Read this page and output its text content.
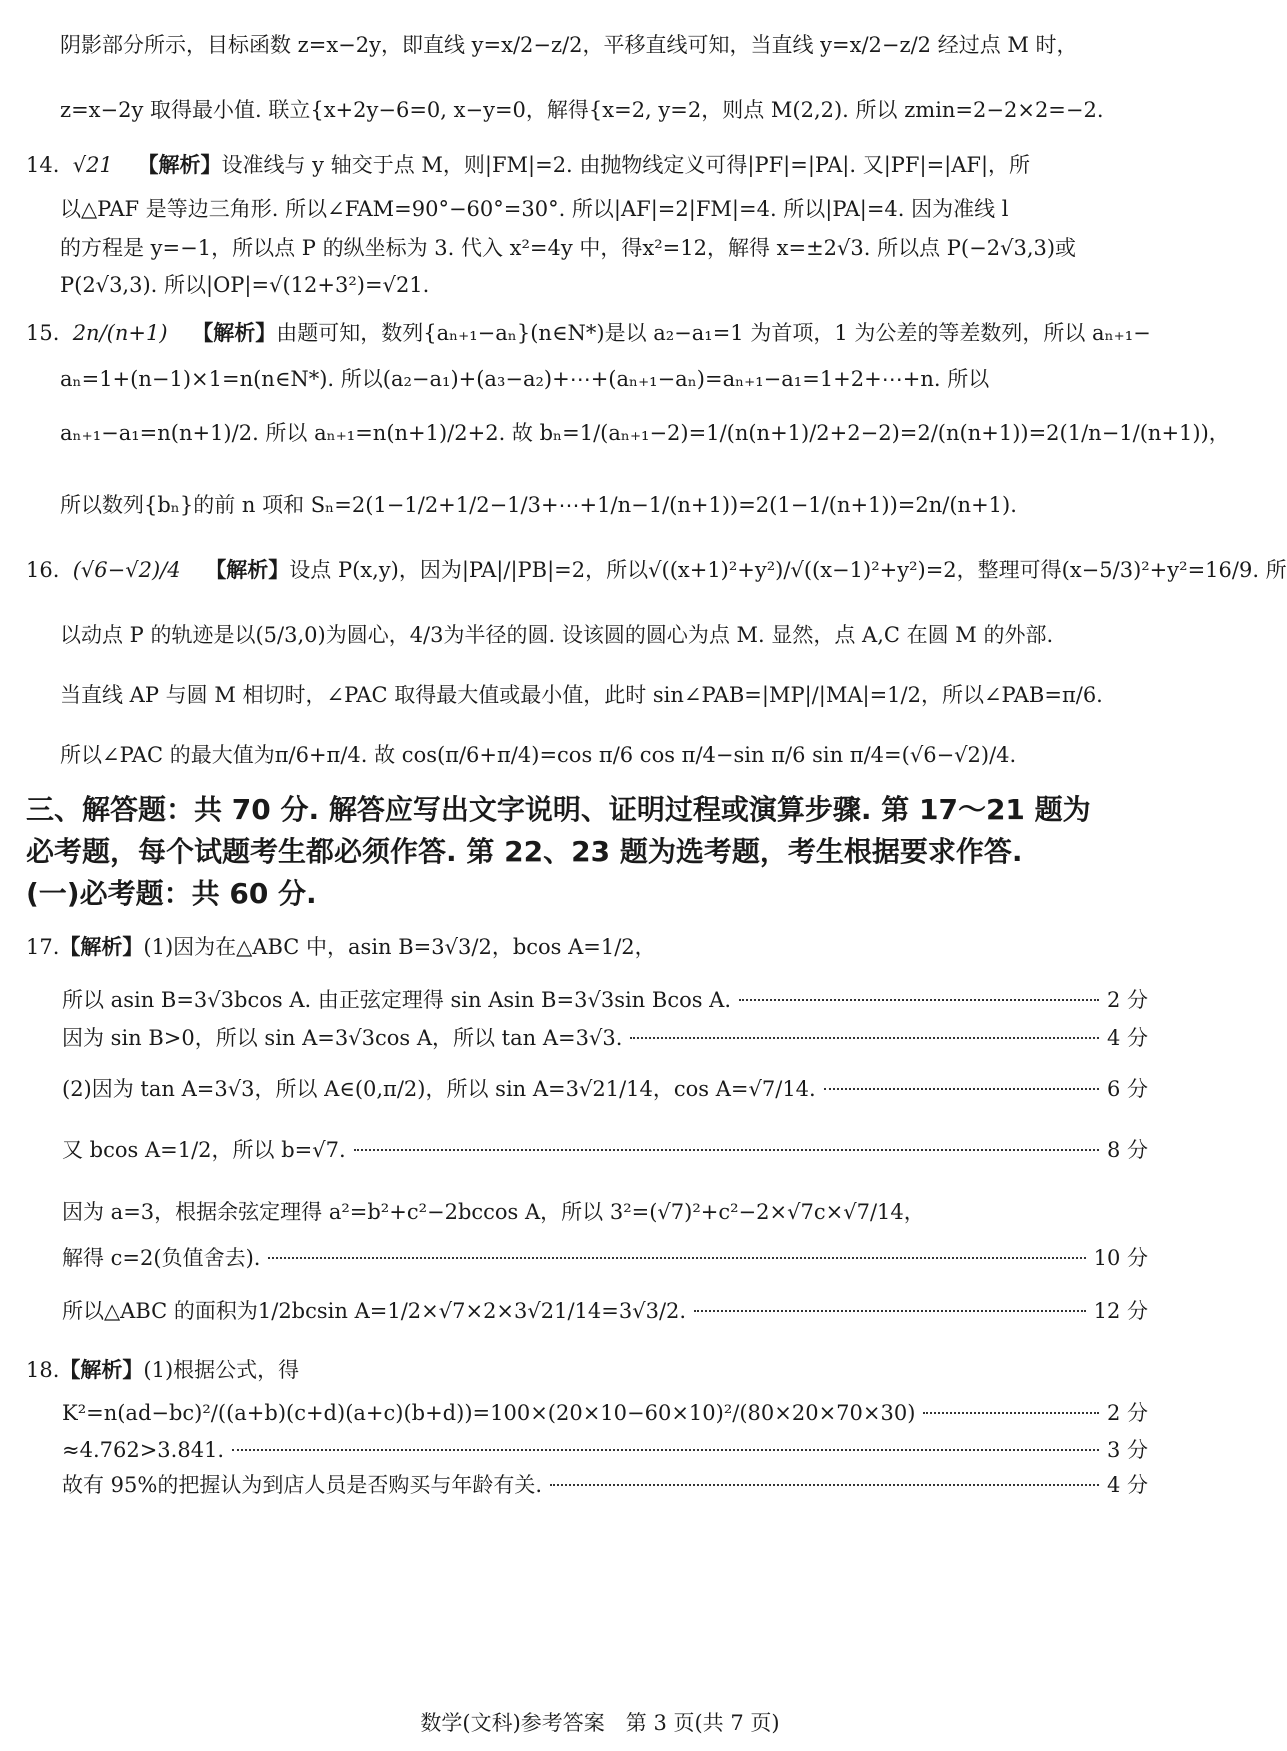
阴影部分所示，目标函数 z=x−2y，即直线 y=x/2−z/2，平移直线可知，当直线 y=x/2−z/2 经过点 M 时，
z=x−2y 取得最小值. 联立{x+2y−6=0, x−y=0，解得{x=2, y=2，则点 M(2,2). 所以 zmin=2−2×2=−2.
14. √21 【解析】设准线与 y 轴交于点 M，则|FM|=2. 由抛物线定义可得|PF|=|PA|. 又|PF|=|AF|，所
以△PAF 是等边三角形. 所以∠FAM=90°−60°=30°. 所以|AF|=2|FM|=4. 所以|PA|=4. 因为准线 l
的方程是 y=−1，所以点 P 的纵坐标为 3. 代入 x²=4y 中，得x²=12，解得 x=±2√3. 所以点 P(−2√3,3)或
P(2√3,3). 所以|OP|=√(12+3²)=√21.
15. 2n/(n+1) 【解析】由题可知，数列{aₙ₊₁−aₙ}(n∈N*)是以 a₂−a₁=1 为首项，1 为公差的等差数列，所以 aₙ₊₁−
aₙ=1+(n−1)×1=n(n∈N*). 所以(a₂−a₁)+(a₃−a₂)+⋯+(aₙ₊₁−aₙ)=aₙ₊₁−a₁=1+2+⋯+n. 所以
aₙ₊₁−a₁=n(n+1)/2. 所以 aₙ₊₁=n(n+1)/2+2. 故 bₙ=1/(aₙ₊₁−2)=1/(n(n+1)/2+2−2)=2/(n(n+1))=2(1/n−1/(n+1))，
所以数列{bₙ}的前 n 项和 Sₙ=2(1−1/2+1/2−1/3+⋯+1/n−1/(n+1))=2(1−1/(n+1))=2n/(n+1).
16. (√6−√2)/4 【解析】设点 P(x,y)，因为|PA|/|PB|=2，所以√((x+1)²+y²)/√((x−1)²+y²)=2，整理可得(x−5/3)²+y²=16/9. 所
以动点 P 的轨迹是以(5/3,0)为圆心，4/3为半径的圆. 设该圆的圆心为点 M. 显然，点 A,C 在圆 M 的外部.
当直线 AP 与圆 M 相切时，∠PAC 取得最大值或最小值，此时 sin∠PAB=|MP|/|MA|=1/2，所以∠PAB=π/6.
所以∠PAC 的最大值为π/6+π/4. 故 cos(π/6+π/4)=cos π/6 cos π/4−sin π/6 sin π/4=(√6−√2)/4.
三、解答题：共 70 分. 解答应写出文字说明、证明过程或演算步骤. 第 17～21 题为
必考题，每个试题考生都必须作答. 第 22、23 题为选考题，考生根据要求作答.
(一)必考题：共 60 分.
17.【解析】(1)因为在△ABC 中，asin B=3√3/2，bcos A=1/2，
所以 asin B=3√3bcos A. 由正弦定理得 sin Asin B=3√3sin Bcos A.	2 分
因为 sin B>0，所以 sin A=3√3cos A，所以 tan A=3√3.	4 分
(2)因为 tan A=3√3，所以 A∈(0,π/2)，所以 sin A=3√21/14，cos A=√7/14.	6 分
又 bcos A=1/2，所以 b=√7.	8 分
因为 a=3，根据余弦定理得 a²=b²+c²−2bccos A，所以 3²=(√7)²+c²−2×√7c×√7/14，
解得 c=2(负值舍去).	10 分
所以△ABC 的面积为1/2bcsin A=1/2×√7×2×3√21/14=3√3/2.	12 分
18.【解析】(1)根据公式，得
K²=n(ad−bc)²/((a+b)(c+d)(a+c)(b+d))=100×(20×10−60×10)²/(80×20×70×30)	2 分
≈4.762>3.841.	3 分
故有 95%的把握认为到店人员是否购买与年龄有关.	4 分
数学(文科)参考答案　第 3 页(共 7 页)
